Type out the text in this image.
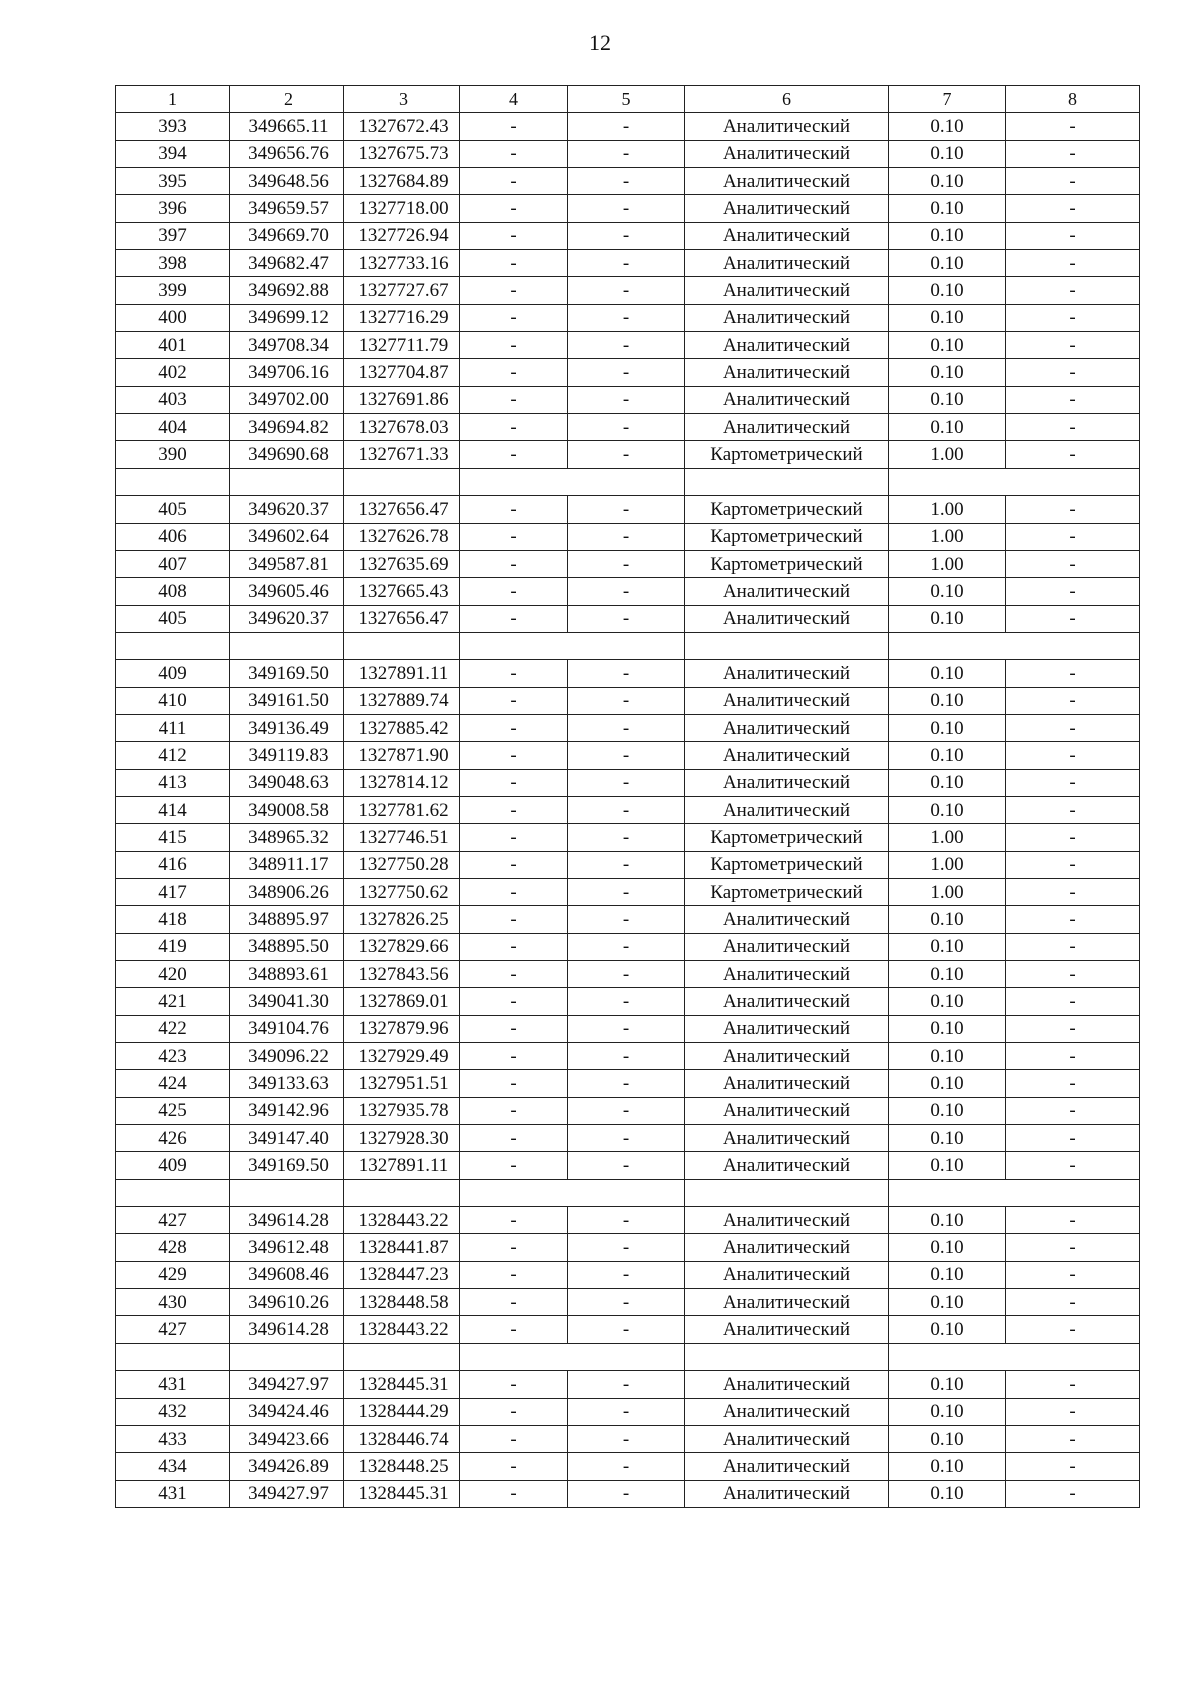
12
1	2	3	4	5	6	7	8
393	349665.11	1327672.43	-	-	Аналитический	0.10	-
394	349656.76	1327675.73	-	-	Аналитический	0.10	-
395	349648.56	1327684.89	-	-	Аналитический	0.10	-
396	349659.57	1327718.00	-	-	Аналитический	0.10	-
397	349669.70	1327726.94	-	-	Аналитический	0.10	-
398	349682.47	1327733.16	-	-	Аналитический	0.10	-
399	349692.88	1327727.67	-	-	Аналитический	0.10	-
400	349699.12	1327716.29	-	-	Аналитический	0.10	-
401	349708.34	1327711.79	-	-	Аналитический	0.10	-
402	349706.16	1327704.87	-	-	Аналитический	0.10	-
403	349702.00	1327691.86	-	-	Аналитический	0.10	-
404	349694.82	1327678.03	-	-	Аналитический	0.10	-
390	349690.68	1327671.33	-	-	Картометрический	1.00	-

405	349620.37	1327656.47	-	-	Картометрический	1.00	-
406	349602.64	1327626.78	-	-	Картометрический	1.00	-
407	349587.81	1327635.69	-	-	Картометрический	1.00	-
408	349605.46	1327665.43	-	-	Аналитический	0.10	-
405	349620.37	1327656.47	-	-	Аналитический	0.10	-

409	349169.50	1327891.11	-	-	Аналитический	0.10	-
410	349161.50	1327889.74	-	-	Аналитический	0.10	-
411	349136.49	1327885.42	-	-	Аналитический	0.10	-
412	349119.83	1327871.90	-	-	Аналитический	0.10	-
413	349048.63	1327814.12	-	-	Аналитический	0.10	-
414	349008.58	1327781.62	-	-	Аналитический	0.10	-
415	348965.32	1327746.51	-	-	Картометрический	1.00	-
416	348911.17	1327750.28	-	-	Картометрический	1.00	-
417	348906.26	1327750.62	-	-	Картометрический	1.00	-
418	348895.97	1327826.25	-	-	Аналитический	0.10	-
419	348895.50	1327829.66	-	-	Аналитический	0.10	-
420	348893.61	1327843.56	-	-	Аналитический	0.10	-
421	349041.30	1327869.01	-	-	Аналитический	0.10	-
422	349104.76	1327879.96	-	-	Аналитический	0.10	-
423	349096.22	1327929.49	-	-	Аналитический	0.10	-
424	349133.63	1327951.51	-	-	Аналитический	0.10	-
425	349142.96	1327935.78	-	-	Аналитический	0.10	-
426	349147.40	1327928.30	-	-	Аналитический	0.10	-
409	349169.50	1327891.11	-	-	Аналитический	0.10	-

427	349614.28	1328443.22	-	-	Аналитический	0.10	-
428	349612.48	1328441.87	-	-	Аналитический	0.10	-
429	349608.46	1328447.23	-	-	Аналитический	0.10	-
430	349610.26	1328448.58	-	-	Аналитический	0.10	-
427	349614.28	1328443.22	-	-	Аналитический	0.10	-

431	349427.97	1328445.31	-	-	Аналитический	0.10	-
432	349424.46	1328444.29	-	-	Аналитический	0.10	-
433	349423.66	1328446.74	-	-	Аналитический	0.10	-
434	349426.89	1328448.25	-	-	Аналитический	0.10	-
431	349427.97	1328445.31	-	-	Аналитический	0.10	-
